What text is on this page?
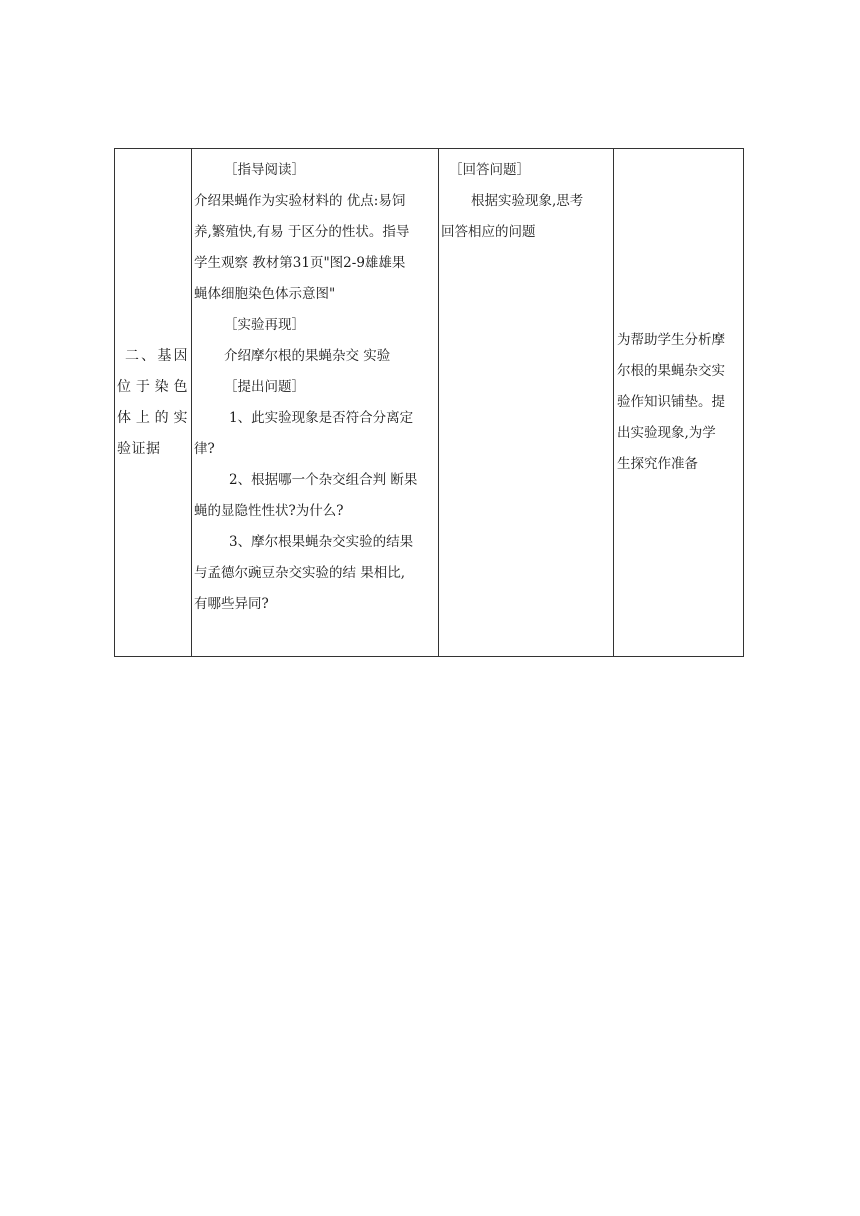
二、基因
位于染色
体上的实
验证据
［指导阅读］
介绍果蝇作为实验材料的 优点:易饲
养,繁殖快,有易 于区分的性状。指导
学生观察 教材第31页"图2-9雄雄果
蝇体细胞染色体示意图"
［实验再现］
介绍摩尔根的果蝇杂交 实验
［提出问题］
1、此实验现象是否符合分离定
律?
2、根据哪一个杂交组合判 断果
蝇的显隐性性状?为什么?
3、摩尔根果蝇杂交实验的结果
与孟德尔豌豆杂交实验的结 果相比,
有哪些异同?
［回答问题］
根据实验现象,思考
回答相应的问题
为帮助学生分析摩
尔根的果蝇杂交实
验作知识铺垫。提
出实验现象,为学
生探究作准备
